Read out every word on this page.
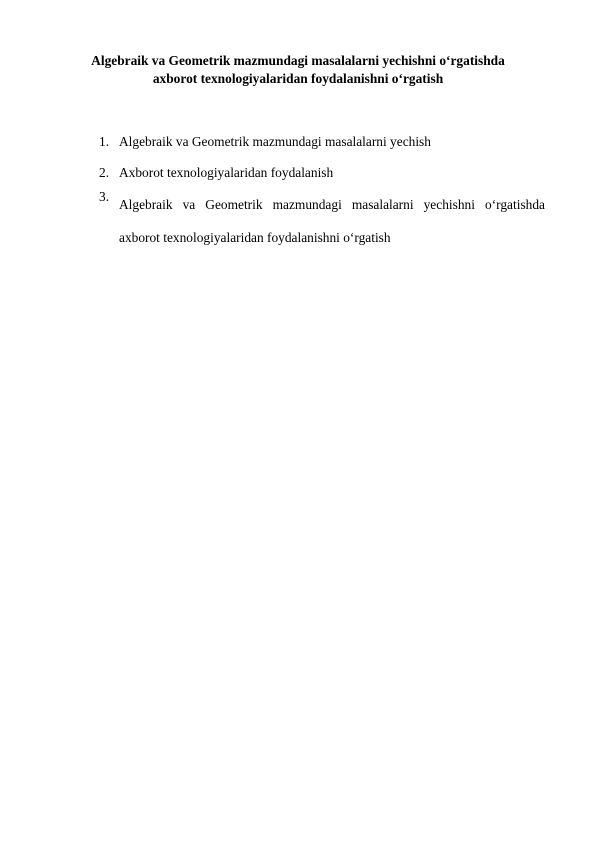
Algebraik va Geometrik mazmundagi masalalarni yechishni o‘rgatishda
axborot texnologiyalaridan foydalanishni o‘rgatish
1. Algebraik va Geometrik mazmundagi masalalarni yechish
2. Axborot texnologiyalaridan foydalanish
3.
Algebraik va Geometrik mazmundagi masalalarni yechishni o‘rgatishda
axborot texnologiyalaridan foydalanishni o‘rgatish
